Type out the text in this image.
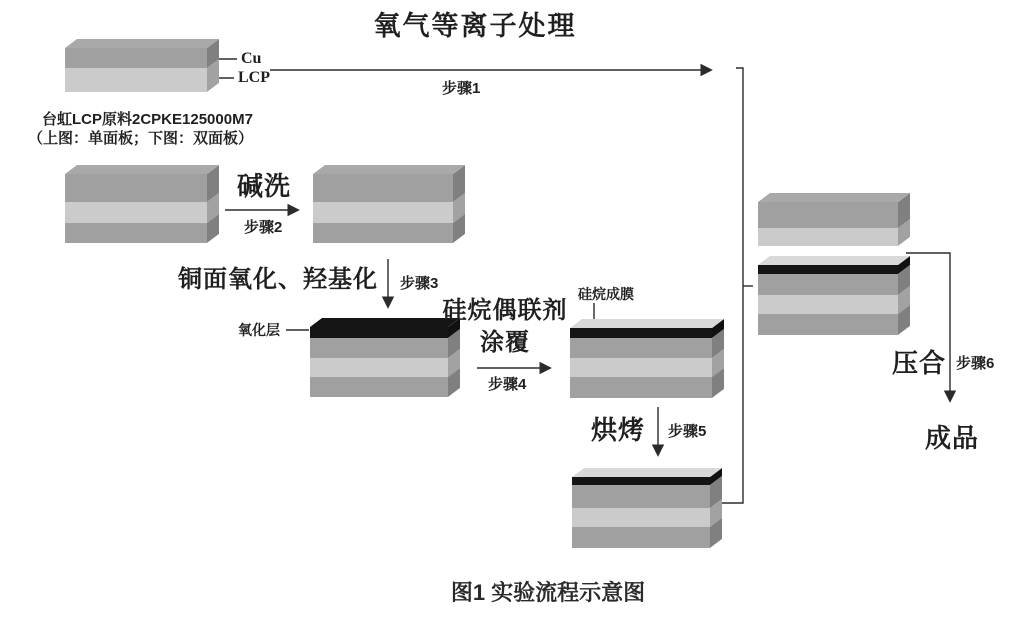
Cu
LCP
台虹LCP原料2CPKE125000M7
（上图：单面板；下图：双面板）
氧气等离子处理
步骤1
碱洗
步骤2
铜面氧化、羟基化 步骤3
氧化层
硅烷偶联剂
涂覆
步骤4
硅烷成膜
烘烤 步骤5
压合 步骤6
成品
图1 实验流程示意图
